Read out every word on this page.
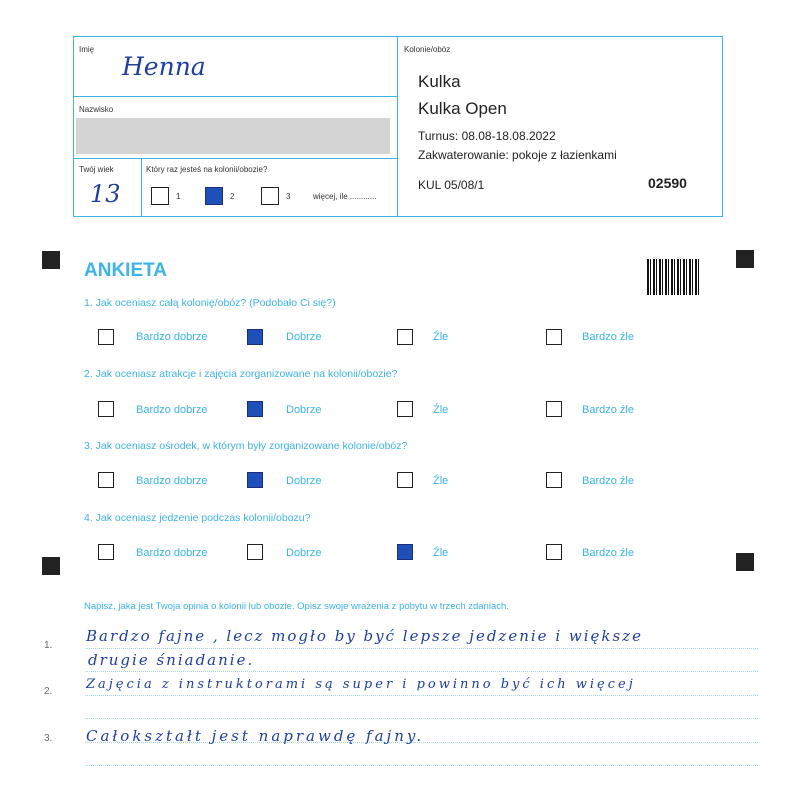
Imię
Henna
Nazwisko
Twój wiek
13
Który raz jesteś na kolonii/obozie?
1	2	3	więcej, ile ............
Kolonie/obóz
Kulka
Kulka Open
Turnus: 08.08-18.08.2022
Zakwaterowanie: pokoje z łazienkami
KUL 05/08/1	02590
ANKIETA
1. Jak oceniasz całą kolonię/obóz? (Podobało Ci się?)
Bardzo dobrze	Dobrze	Źle	Bardzo źle
2. Jak oceniasz atrakcje i zajęcia zorganizowane na kolonii/obozie?
Bardzo dobrze	Dobrze	Źle	Bardzo źle
3. Jak oceniasz ośrodek, w którym były zorganizowane kolonie/obóz?
Bardzo dobrze	Dobrze	Źle	Bardzo źle
4. Jak oceniasz jedzenie podczas kolonii/obozu?
Bardzo dobrze	Dobrze	Źle	Bardzo źle
Napisz, jaka jest Twoja opinia o kolonii lub obozie. Opisz swoje wrażenia z pobytu w trzech zdaniach.
1.
2.
3.
Bardzo fajne , lecz mogło by być lepsze jedzenie i większe
drugie śniadanie.
Zajęcia z instruktorami są super i powinno być ich więcej
Całokształt jest naprawdę fajny.
